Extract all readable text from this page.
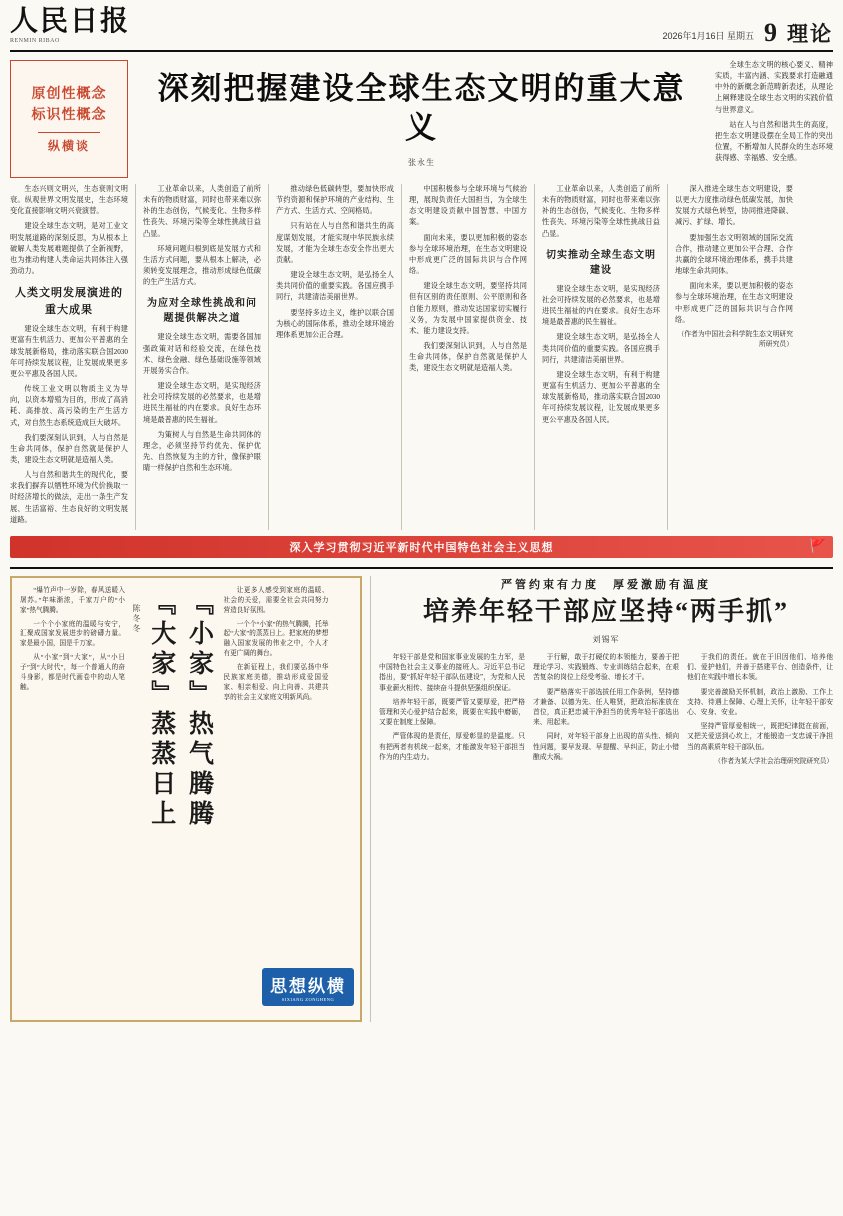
人民日报
RENMIN RIBAO	2026年1月16日 星期五 9 理论
原创性概念
标识性概念
纵横谈
深刻把握建设全球生态文明的重大意义
张永生

全球生态文明的核心要义、精神实质，丰富内涵、实践要求打造融通中外的新概念新范畴新表述，从理论上阐释建设全球生态文明的实践价值与世界意义。

站在人与自然和谐共生的高度，把生态文明建设摆在全局工作的突出位置，不断增加人民群众的生态环境获得感、幸福感、安全感。

生态兴则文明兴，生态衰则文明衰。纵观世界文明发展史，生态环境变化直接影响文明兴衰演替。

建设全球生态文明，是对工业文明发展道路的深刻反思，为从根本上破解人类发展难题提供了全新视野，也为推动构建人类命运共同体注入强劲动力。

人类文明发展演进的重大成果

建设全球生态文明，有利于构建更富有生机活力、更加公平普惠的全球发展新格局，推动落实联合国2030年可持续发展议程，让发展成果更多更公平惠及各国人民。

传统工业文明以物质主义为导向，以资本增殖为目的，形成了高消耗、高排放、高污染的生产生活方式，对自然生态系统造成巨大破坏。

我们要深刻认识到，人与自然是生命共同体，保护自然就是保护人类，建设生态文明就是造福人类。

人与自然和谐共生的现代化，要求我们摒弃以牺牲环境为代价换取一时经济增长的做法，走出一条生产发展、生活富裕、生态良好的文明发展道路。

工业革命以来，人类创造了前所未有的物质财富，同时也带来难以弥补的生态创伤，气候变化、生物多样性丧失、环境污染等全球性挑战日益凸显。

环境问题归根到底是发展方式和生活方式问题，要从根本上解决，必须转变发展理念，推动形成绿色低碳的生产生活方式。

为应对全球性挑战和问题提供解决之道

建设全球生态文明，需要各国加强政策对话和经验交流，在绿色技术、绿色金融、绿色基础设施等领域开展务实合作。

建设全球生态文明，是实现经济社会可持续发展的必然要求，也是增进民生福祉的内在要求。良好生态环境是最普惠的民生福祉。

为策树人与自然是生命共同体的理念，必须坚持节约优先、保护优先、自然恢复为主的方针，像保护眼睛一样保护自然和生态环境。

推动绿色低碳转型，要加快形成节约资源和保护环境的产业结构、生产方式、生活方式、空间格局。

只有站在人与自然和谐共生的高度谋划发展，才能实现中华民族永续发展，才能为全球生态安全作出更大贡献。

建设全球生态文明，是弘扬全人类共同价值的重要实践。各国应携手同行，共建清洁美丽世界。

要坚持多边主义，维护以联合国为核心的国际体系，推动全球环境治理体系更加公正合理。

中国积极参与全球环境与气候治理，展现负责任大国担当，为全球生态文明建设贡献中国智慧、中国方案。

面向未来，要以更加积极的姿态参与全球环境治理，在生态文明建设中形成更广泛的国际共识与合作网络。

建设全球生态文明，要坚持共同但有区别的责任原则、公平原则和各自能力原则，推动发达国家切实履行义务，为发展中国家提供资金、技术、能力建设支持。

我们要深刻认识到，人与自然是生命共同体，保护自然就是保护人类，建设生态文明就是造福人类。

工业革命以来，人类创造了前所未有的物质财富，同时也带来难以弥补的生态创伤，气候变化、生物多样性丧失、环境污染等全球性挑战日益凸显。

切实推动全球生态文明建设

建设全球生态文明，是实现经济社会可持续发展的必然要求，也是增进民生福祉的内在要求。良好生态环境是最普惠的民生福祉。

建设全球生态文明，是弘扬全人类共同价值的重要实践。各国应携手同行，共建清洁美丽世界。

建设全球生态文明，有利于构建更富有生机活力、更加公平普惠的全球发展新格局，推动落实联合国2030年可持续发展议程，让发展成果更多更公平惠及各国人民。

深入推进全球生态文明建设，要以更大力度推动绿色低碳发展，加快发展方式绿色转型，协同推进降碳、减污、扩绿、增长。

要加强生态文明领域的国际交流合作，推动建立更加公平合理、合作共赢的全球环境治理体系，携手共建地球生命共同体。

面向未来，要以更加积极的姿态参与全球环境治理，在生态文明建设中形成更广泛的国际共识与合作网络。

（作者为中国社会科学院生态文明研究所研究员）
深入学习贯彻习近平新时代中国特色社会主义思想	🚩

“爆竹声中一岁除，春风送暖入屠苏。”年味渐浓，千家万户的“小家”热气腾腾。

一个个小家庭的温暖与安宁，汇聚成国家发展进步的磅礴力量。家是最小国，国是千万家。

从“小家”到“大家”，从“小日子”到“大时代”，每一个普通人的奋斗身影，都是时代画卷中的动人笔触。	『小家』热气腾腾
『大家』蒸蒸日上
陈冬冬

让更多人感受到家庭的温暖、社会的关爱，需要全社会共同努力营造良好氛围。

一个个“小家”的热气腾腾，托举起“大家”的蒸蒸日上。把家庭的梦想融入国家发展的伟业之中，个人才有更广阔的舞台。

在新征程上，我们要弘扬中华民族家庭美德，推动形成爱国爱家、相亲相爱、向上向善、共建共享的社会主义家庭文明新风尚。

思想纵横
SIXIANG ZONGHENG
严管约束有力度　厚爱激励有温度
培养年轻干部应坚持“两手抓”
刘锡军

年轻干部是党和国家事业发展的生力军，是中国特色社会主义事业的接班人。习近平总书记指出，要“抓好年轻干部队伍建设”，为党和人民事业薪火相传、接续奋斗提供坚强组织保证。

培养年轻干部，既要严管又要厚爱，把严格管理和关心爱护结合起来，既要在实践中磨砺，又要在制度上保障。

严管体现的是责任，厚爱彰显的是温度。只有把两者有机统一起来，才能激发年轻干部担当作为的内生动力。

于行解，敢于打硬仗的本领能力，要善于把理论学习、实践锻炼、专业训练结合起来，在艰苦复杂的岗位上经受考验、增长才干。

要严格落实干部选拔任用工作条例，坚持德才兼备、以德为先、任人唯贤，把政治标准放在首位，真正把忠诚干净担当的优秀年轻干部选出来、用起来。

同时，对年轻干部身上出现的苗头性、倾向性问题，要早发现、早提醒、早纠正，防止小错酿成大祸。

于我们的责任。就在于旧因他们、培养他们、爱护他们，并善于搭建平台、创造条件，让他们在实践中增长本领。

要完善激励关怀机制，政治上激励、工作上支持、待遇上保障、心理上关怀，让年轻干部安心、安身、安业。

坚持严管厚爱相统一，既把纪律挺在前面，又把关爱送到心坎上，才能锻造一支忠诚干净担当的高素质年轻干部队伍。

（作者为某大学社会治理研究院研究员）
